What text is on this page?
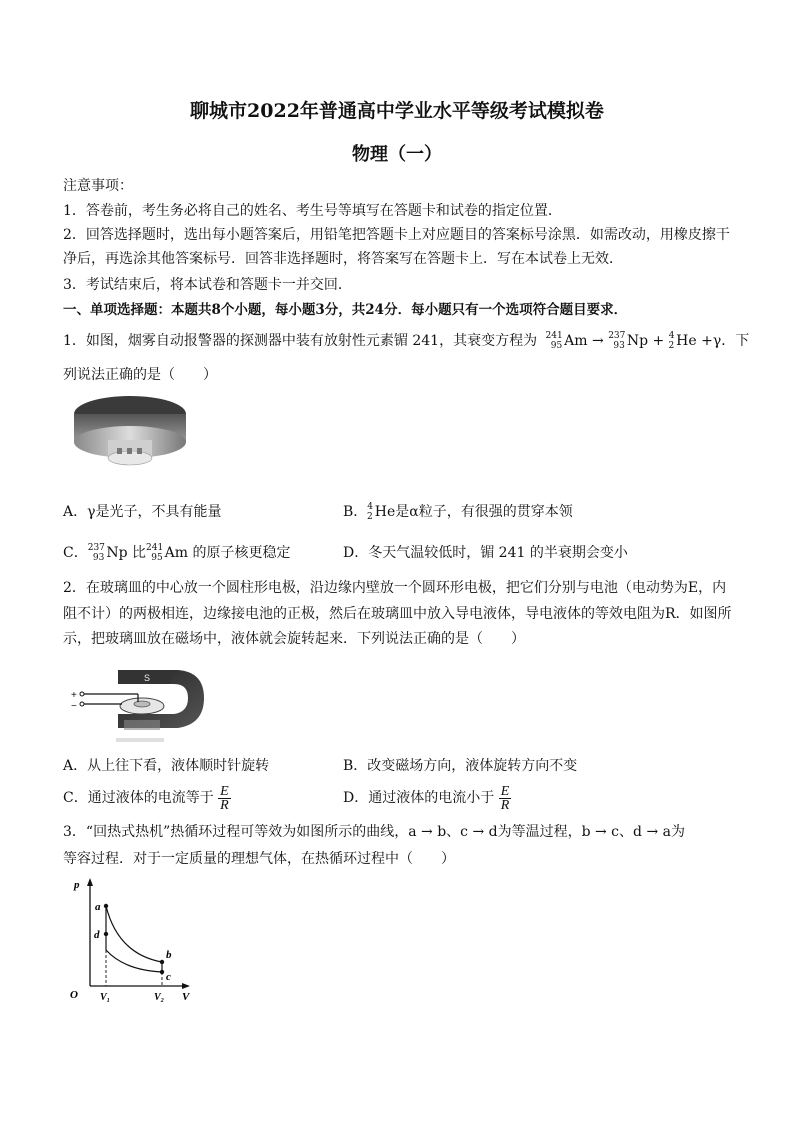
聊城市2022年普通高中学业水平等级考试模拟卷
物理（一）
注意事项：
1．答卷前，考生务必将自己的姓名、考生号等填写在答题卡和试卷的指定位置．
2．回答选择题时，选出每小题答案后，用铅笔把答题卡上对应题目的答案标号涂黑．如需改动，用橡皮擦干
净后，再选涂其他答案标号．回答非选择题时，将答案写在答题卡上．写在本试卷上无效．
3．考试结束后，将本试卷和答题卡一并交回．
一、单项选择题：本题共8个小题，每小题3分，共24分．每小题只有一个选项符合题目要求．
1．如图，烟雾自动报警器的探测器中装有放射性元素镅 241，其衰变方程为 $^{241}_{95}$ Am → $^{237}_{93}$ Np + $^4_2$ He +γ．下
列说法正确的是（　　）
A．γ是光子，不具有能量	B．$^4_2$ He是α粒子，有很强的贯穿本领
C．$^{237}_{93}$ Np 比$^{241}_{95}$ Am 的原子核更稳定	D．冬天气温较低时，镅 241 的半衰期会变小
2．在玻璃皿的中心放一个圆柱形电极，沿边缘内壁放一个圆环形电极，把它们分别与电池（电动势为E，内
阻不计）的两极相连，边缘接电池的正极，然后在玻璃皿中放入导电液体，导电液体的等效电阻为R．如图所
示，把玻璃皿放在磁场中，液体就会旋转起来．下列说法正确的是（　　）
S
+
−
A．从上往下看，液体顺时针旋转	B．改变磁场方向，液体旋转方向不变
C．通过液体的电流等于 $\frac{E}{R}$	D．通过液体的电流小于 $\frac{E}{R}$
3．“回热式热机”热循环过程可等效为如图所示的曲线，a → b、c → d为等温过程，b → c、d → a为
等容过程．对于一定质量的理想气体，在热循环过程中（　　）
p
V
O V₁	V₂
a
b
c
d
